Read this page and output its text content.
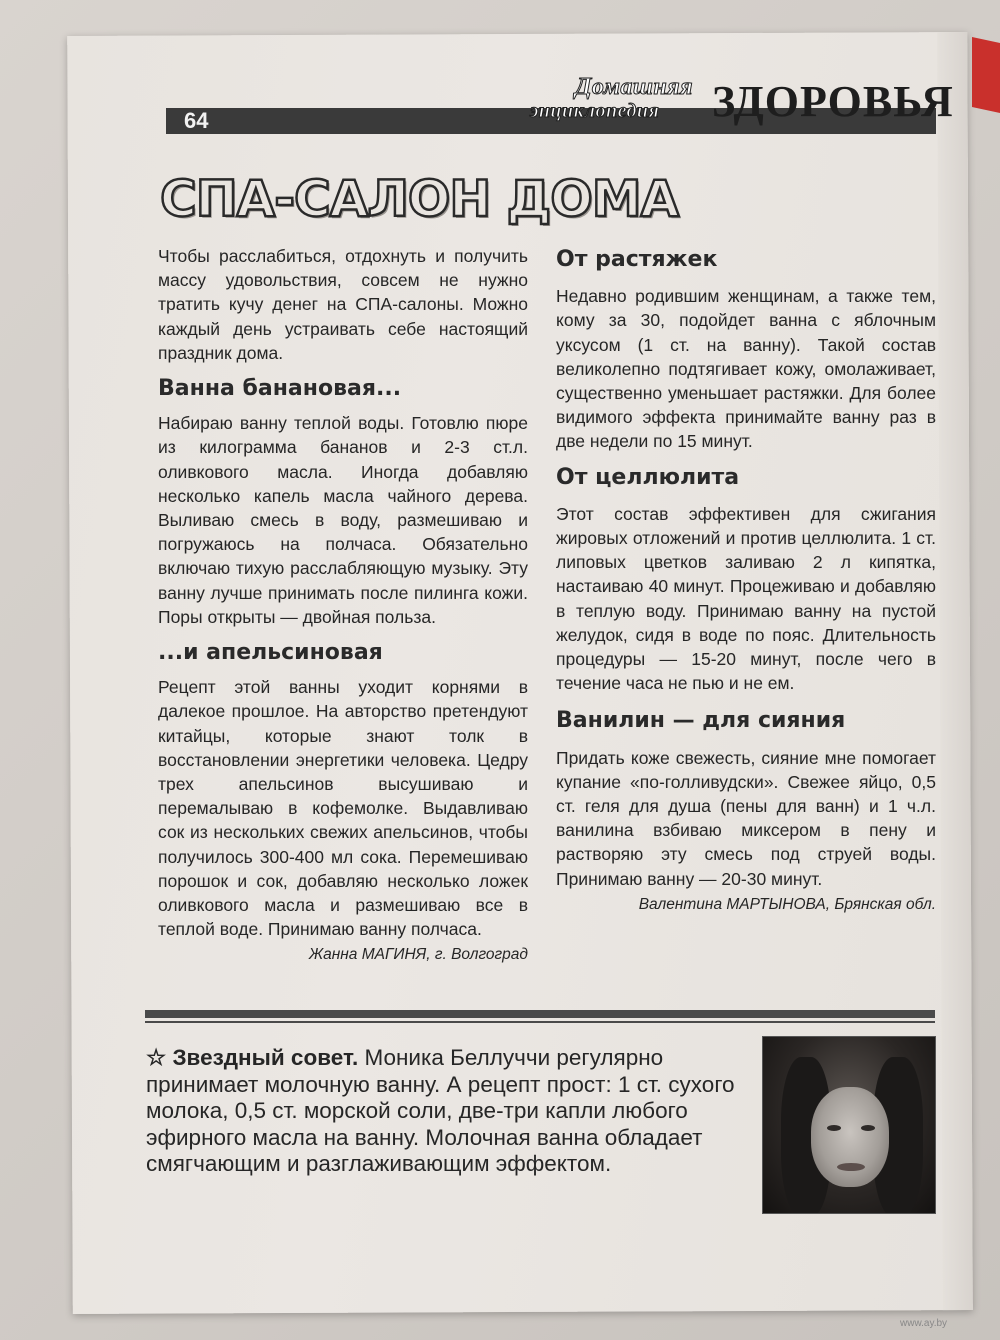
64
Домашняя
энциклопедия ЗДОРОВЬЯ
СПА-САЛОН ДОМА

Чтобы расслабиться, отдохнуть и получить массу удовольствия, совсем не нужно тратить кучу денег на СПА-салоны. Можно каждый день устраивать себе настоящий праздник дома.

Ванна банановая...

Набираю ванну теплой воды. Готовлю пюре из килограмма бананов и 2-3 ст.л. оливкового масла. Иногда добавляю несколько капель масла чайного дерева. Выливаю смесь в воду, размешиваю и погружаюсь на полчаса. Обязательно включаю тихую расслабляющую музыку. Эту ванну лучше принимать после пилинга кожи. Поры открыты — двойная польза.

...и апельсиновая

Рецепт этой ванны уходит корнями в далекое прошлое. На авторство претендуют китайцы, которые знают толк в восстановлении энергетики человека. Цедру трех апельсинов высушиваю и перемалываю в кофемолке. Выдавливаю сок из нескольких свежих апельсинов, чтобы получилось 300-400 мл сока. Перемешиваю порошок и сок, добавляю несколько ложек оливкового масла и размешиваю все в теплой воде. Принимаю ванну полчаса.

Жанна МАГИНЯ, г. Волгоград

От растяжек

Недавно родившим женщинам, а также тем, кому за 30, подойдет ванна с яблочным уксусом (1 ст. на ванну). Такой состав великолепно подтягивает кожу, омолаживает, существенно уменьшает растяжки. Для более видимого эффекта принимайте ванну раз в две недели по 15 минут.

От целлюлита

Этот состав эффективен для сжигания жировых отложений и против целлюлита. 1 ст. липовых цветков заливаю 2 л кипятка, настаиваю 40 минут. Процеживаю и добавляю в теплую воду. Принимаю ванну на пустой желудок, сидя в воде по пояс. Длительность процедуры — 15-20 минут, после чего в течение часа не пью и не ем.

Ванилин — для сияния

Придать коже свежесть, сияние мне помогает купание «по-голливудски». Свежее яйцо, 0,5 ст. геля для душа (пены для ванн) и 1 ч.л. ванилина взбиваю миксером в пену и растворяю эту смесь под струей воды. Принимаю ванну — 20-30 минут.

Валентина МАРТЫНОВА, Брянская обл.

☆ Звездный совет. Моника Беллуччи регулярно принимает молочную ванну. А рецепт прост: 1 ст. сухого молока, 0,5 ст. морской соли, две-три капли любого эфирного масла на ванну. Молочная ванна обладает смягчающим и разглаживающим эффектом.
www.ay.by
